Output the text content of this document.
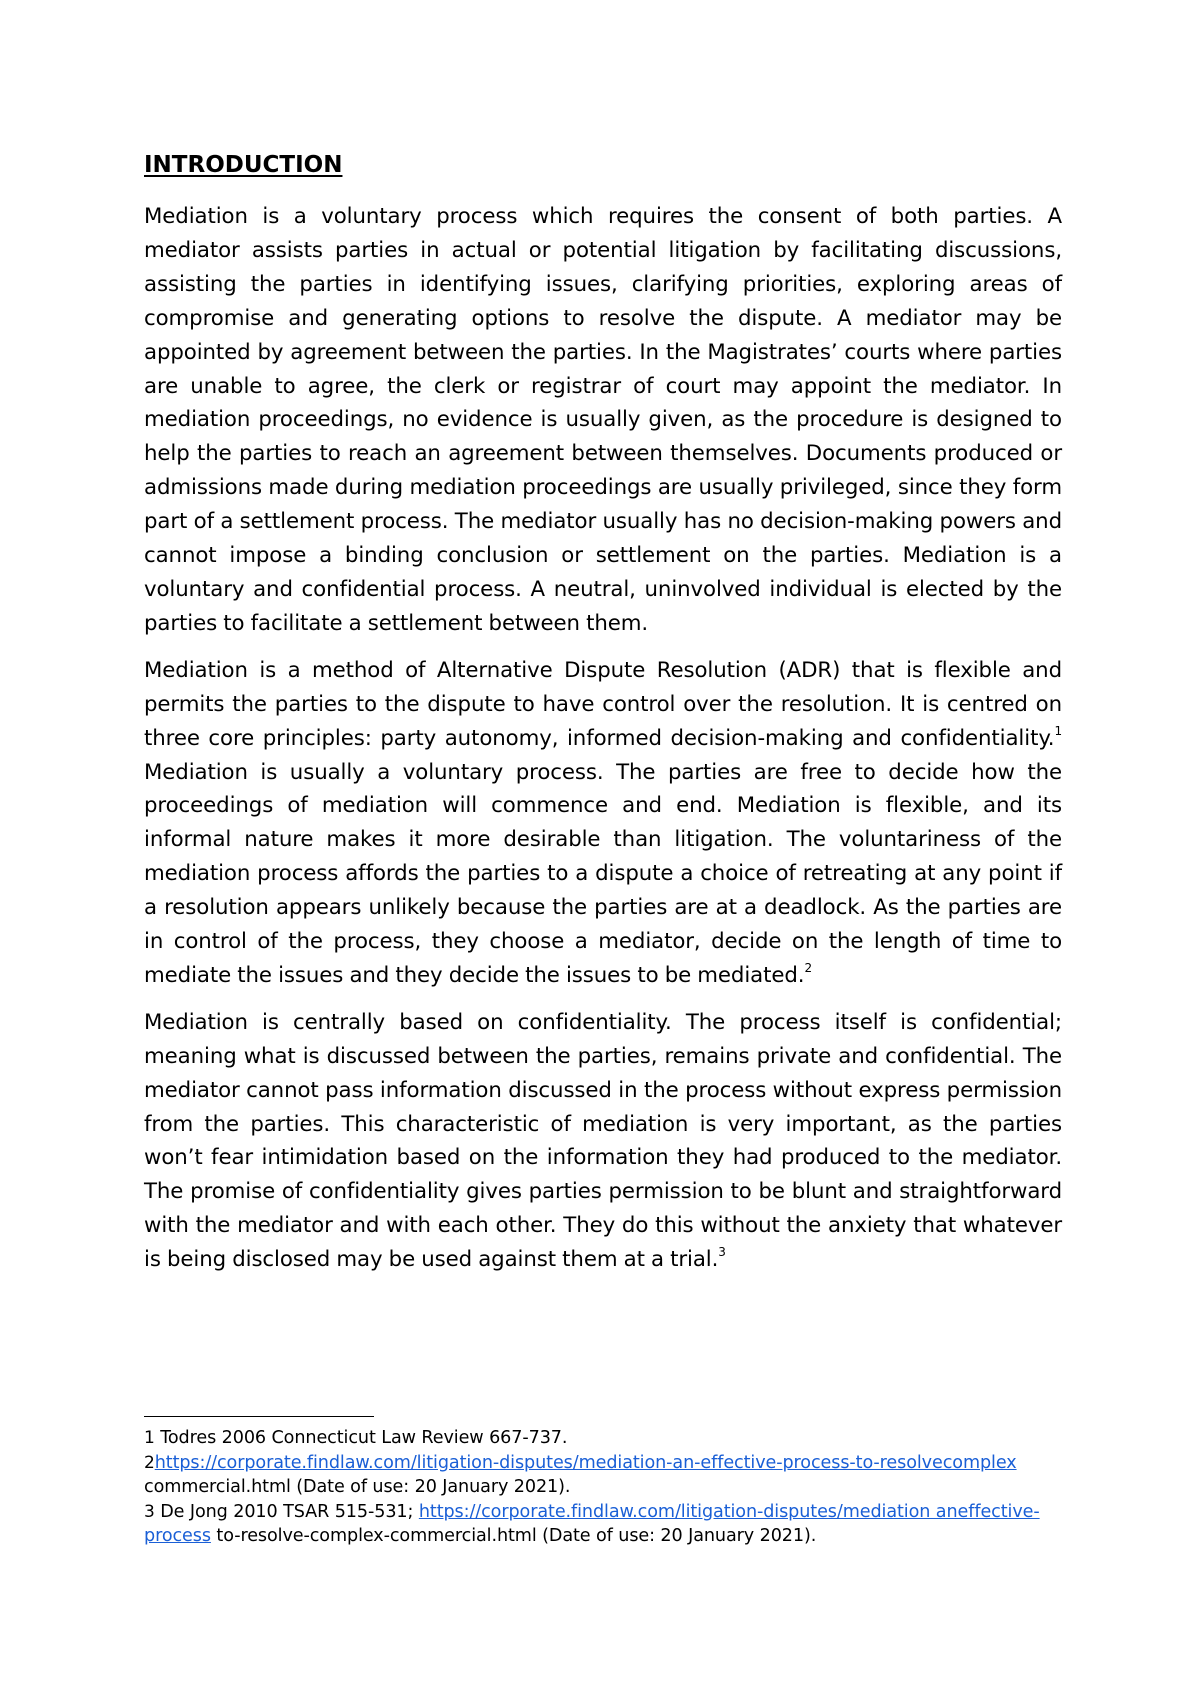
INTRODUCTION

Mediation is a voluntary process which requires the consent of both parties. A mediator assists parties in actual or potential litigation by facilitating discussions, assisting the parties in identifying issues, clarifying priorities, exploring areas of compromise and generating options to resolve the dispute. A mediator may be appointed by agreement between the parties. In the Magistrates’ courts where parties are unable to agree, the clerk or registrar of court may appoint the mediator. In mediation proceedings, no evidence is usually given, as the procedure is designed to help the parties to reach an agreement between themselves. Documents produced or admissions made during mediation proceedings are usually privileged, since they form part of a settlement process. The mediator usually has no decision-making powers and cannot impose a binding conclusion or settlement on the parties. Mediation is a voluntary and confidential process. A neutral, uninvolved individual is elected by the parties to facilitate a settlement between them.

Mediation is a method of Alternative Dispute Resolution (ADR) that is flexible and permits the parties to the dispute to have control over the resolution. It is centred on three core principles: party autonomy, informed decision-making and confidentiality.$^1$ Mediation is usually a voluntary process. The parties are free to decide how the proceedings of mediation will commence and end. Mediation is flexible, and its informal nature makes it more desirable than litigation. The voluntariness of the mediation process affords the parties to a dispute a choice of retreating at any point if a resolution appears unlikely because the parties are at a deadlock. As the parties are in control of the process, they choose a mediator, decide on the length of time to mediate the issues and they decide the issues to be mediated.$^2$

Mediation is centrally based on confidentiality. The process itself is confidential; meaning what is discussed between the parties, remains private and confidential. The mediator cannot pass information discussed in the process without express permission from the parties. This characteristic of mediation is very important, as the parties won’t fear intimidation based on the information they had produced to the mediator. The promise of confidentiality gives parties permission to be blunt and straightforward with the mediator and with each other. They do this without the anxiety that whatever is being disclosed may be used against them at a trial.$^3$

1 Todres 2006 Connecticut Law Review 667-737.

2https://corporate.findlaw.com/litigation-disputes/mediation-an-effective-process-to-resolvecomplex commercial.html (Date of use: 20 January 2021).

3 De Jong 2010 TSAR 515-531; https://corporate.findlaw.com/litigation-disputes/mediation aneffective-process to-resolve-complex-commercial.html (Date of use: 20 January 2021).
